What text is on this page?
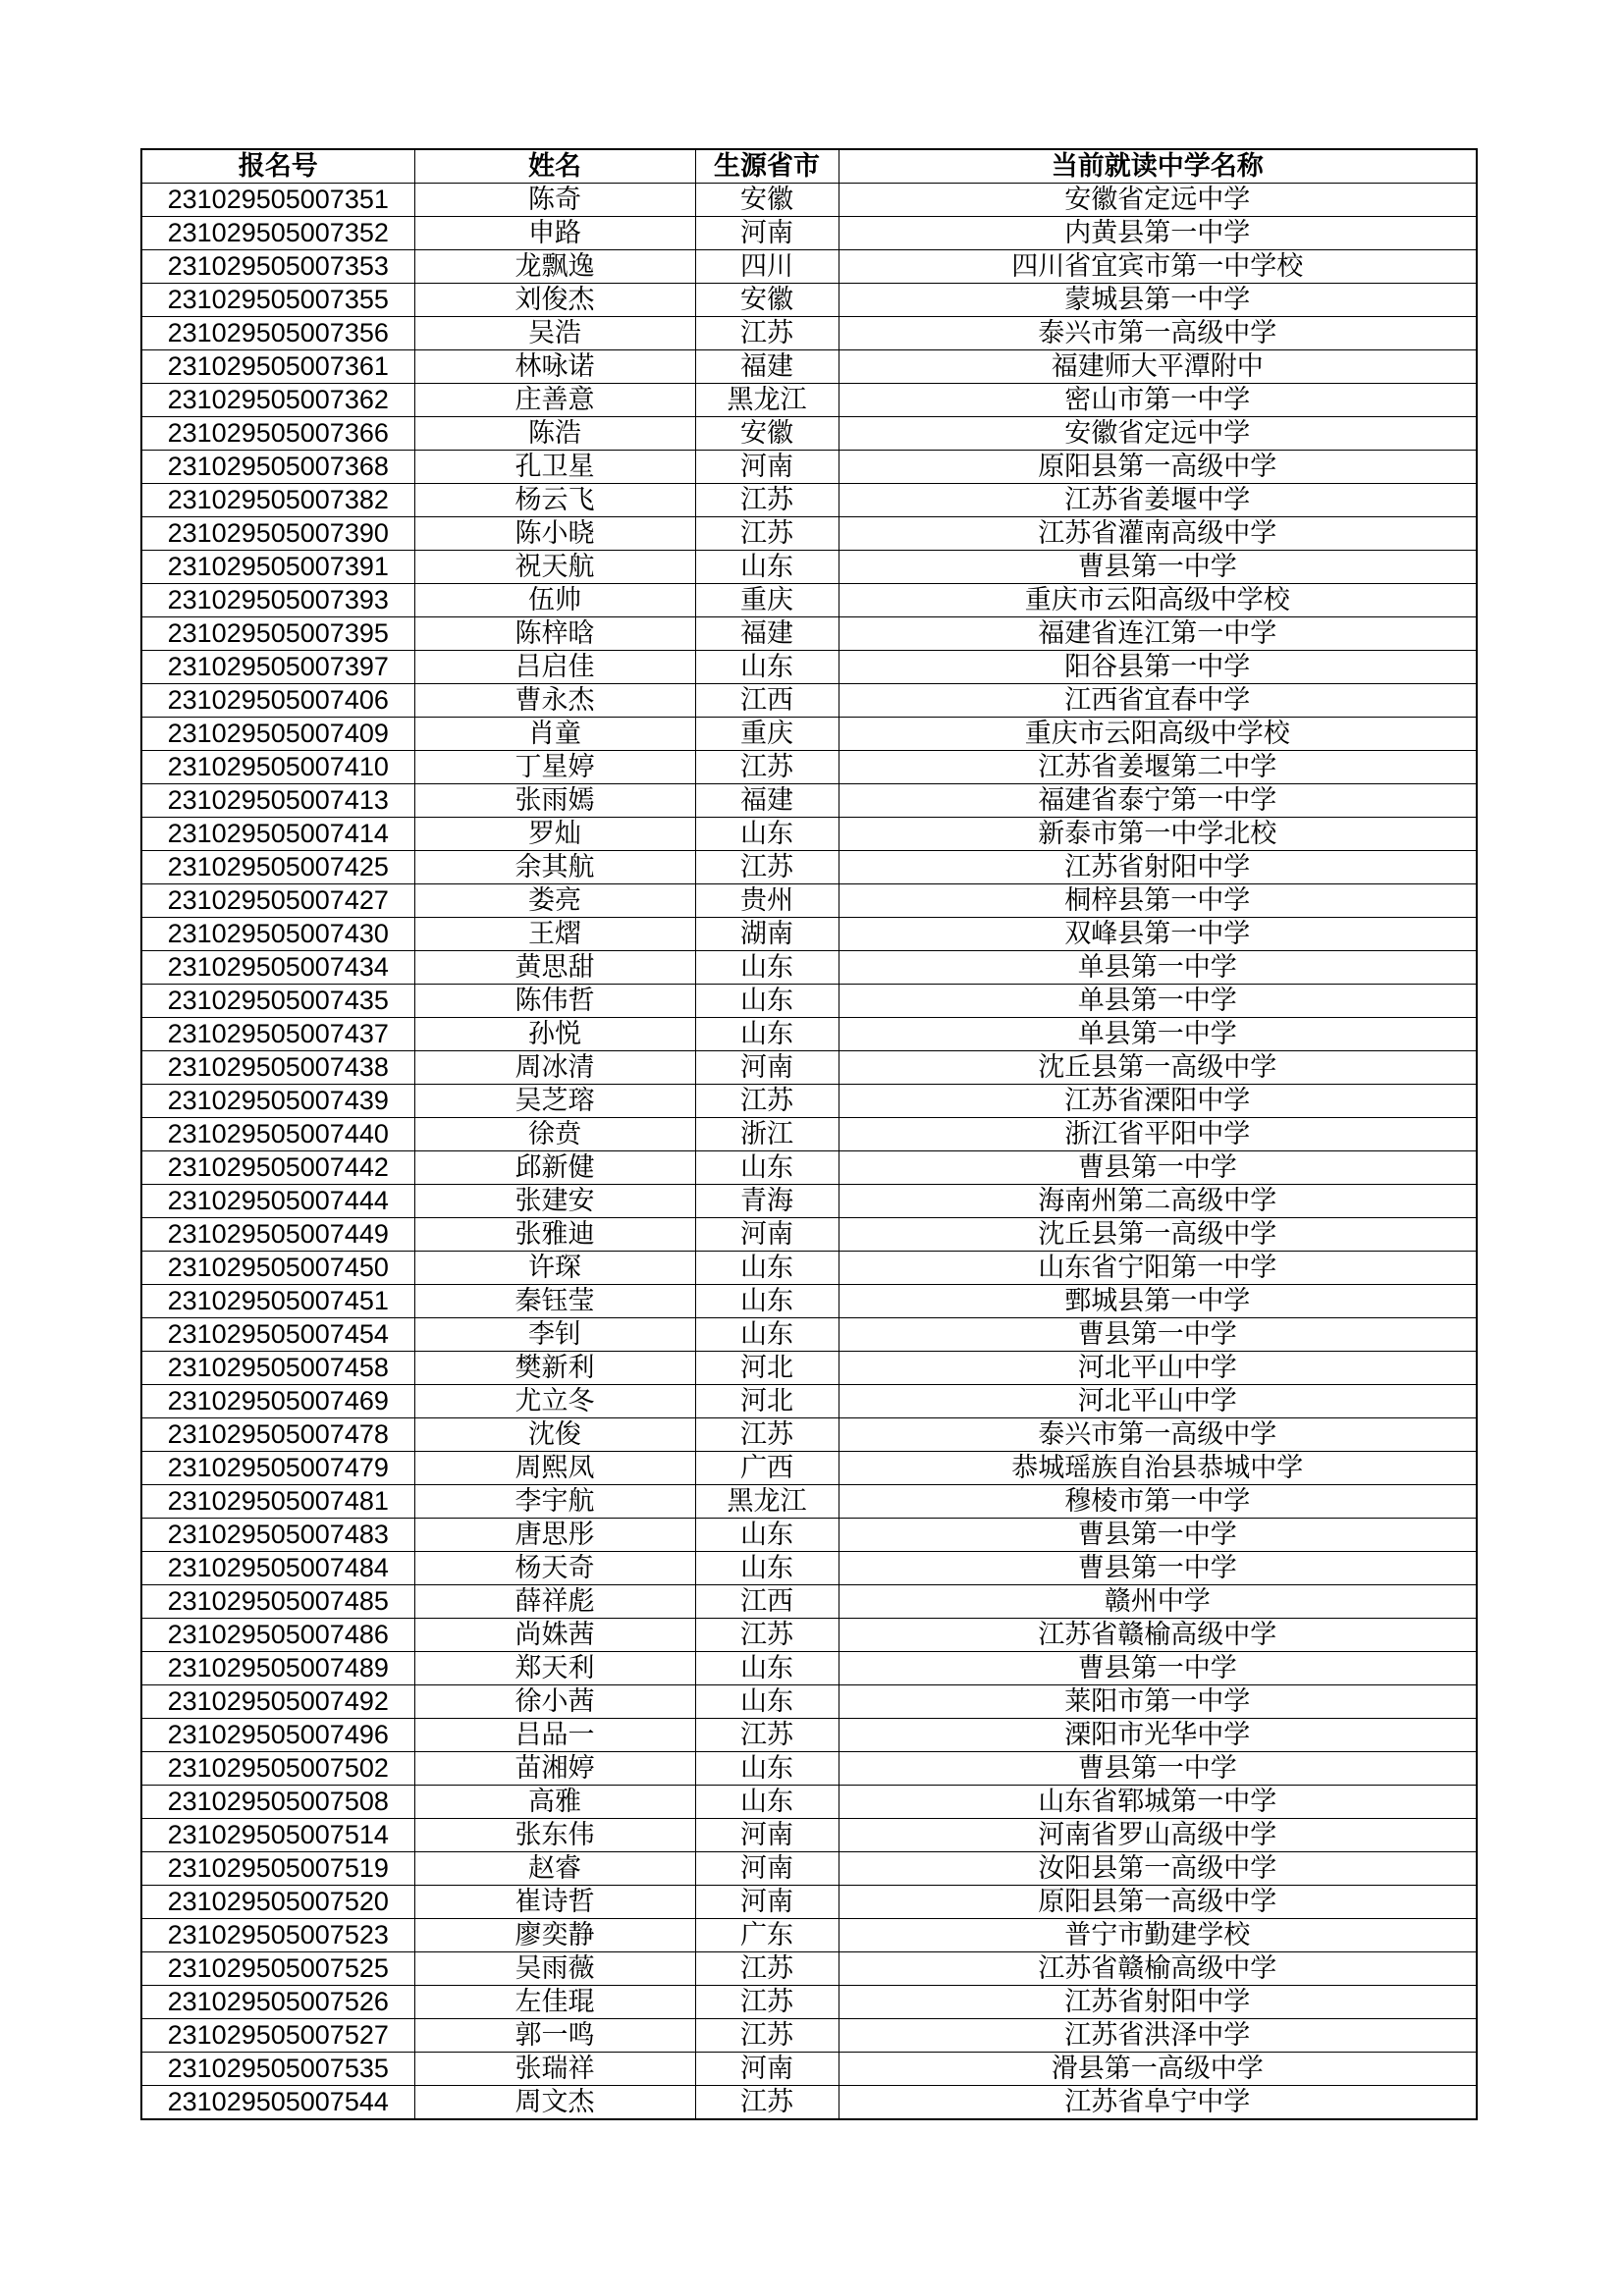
报名号	姓名	生源省市	当前就读中学名称
231029505007351	陈奇	安徽	安徽省定远中学
231029505007352	申路	河南	内黄县第一中学
231029505007353	龙飘逸	四川	四川省宜宾市第一中学校
231029505007355	刘俊杰	安徽	蒙城县第一中学
231029505007356	吴浩	江苏	泰兴市第一高级中学
231029505007361	林咏诺	福建	福建师大平潭附中
231029505007362	庄善意	黑龙江	密山市第一中学
231029505007366	陈浩	安徽	安徽省定远中学
231029505007368	孔卫星	河南	原阳县第一高级中学
231029505007382	杨云飞	江苏	江苏省姜堰中学
231029505007390	陈小晓	江苏	江苏省灌南高级中学
231029505007391	祝天航	山东	曹县第一中学
231029505007393	伍帅	重庆	重庆市云阳高级中学校
231029505007395	陈梓晗	福建	福建省连江第一中学
231029505007397	吕启佳	山东	阳谷县第一中学
231029505007406	曹永杰	江西	江西省宜春中学
231029505007409	肖童	重庆	重庆市云阳高级中学校
231029505007410	丁星婷	江苏	江苏省姜堰第二中学
231029505007413	张雨嫣	福建	福建省泰宁第一中学
231029505007414	罗灿	山东	新泰市第一中学北校
231029505007425	余其航	江苏	江苏省射阳中学
231029505007427	娄亮	贵州	桐梓县第一中学
231029505007430	王熠	湖南	双峰县第一中学
231029505007434	黄思甜	山东	单县第一中学
231029505007435	陈伟哲	山东	单县第一中学
231029505007437	孙悦	山东	单县第一中学
231029505007438	周冰清	河南	沈丘县第一高级中学
231029505007439	吴芝瑢	江苏	江苏省溧阳中学
231029505007440	徐贲	浙江	浙江省平阳中学
231029505007442	邱新健	山东	曹县第一中学
231029505007444	张建安	青海	海南州第二高级中学
231029505007449	张雅迪	河南	沈丘县第一高级中学
231029505007450	许琛	山东	山东省宁阳第一中学
231029505007451	秦钰莹	山东	鄄城县第一中学
231029505007454	李钊	山东	曹县第一中学
231029505007458	樊新利	河北	河北平山中学
231029505007469	尤立冬	河北	河北平山中学
231029505007478	沈俊	江苏	泰兴市第一高级中学
231029505007479	周熙凤	广西	恭城瑶族自治县恭城中学
231029505007481	李宇航	黑龙江	穆棱市第一中学
231029505007483	唐思彤	山东	曹县第一中学
231029505007484	杨天奇	山东	曹县第一中学
231029505007485	薛祥彪	江西	赣州中学
231029505007486	尚姝茜	江苏	江苏省赣榆高级中学
231029505007489	郑天利	山东	曹县第一中学
231029505007492	徐小茜	山东	莱阳市第一中学
231029505007496	吕品一	江苏	溧阳市光华中学
231029505007502	苗湘婷	山东	曹县第一中学
231029505007508	高雅	山东	山东省郓城第一中学
231029505007514	张东伟	河南	河南省罗山高级中学
231029505007519	赵睿	河南	汝阳县第一高级中学
231029505007520	崔诗哲	河南	原阳县第一高级中学
231029505007523	廖奕静	广东	普宁市勤建学校
231029505007525	吴雨薇	江苏	江苏省赣榆高级中学
231029505007526	左佳琨	江苏	江苏省射阳中学
231029505007527	郭一鸣	江苏	江苏省洪泽中学
231029505007535	张瑞祥	河南	滑县第一高级中学
231029505007544	周文杰	江苏	江苏省阜宁中学
